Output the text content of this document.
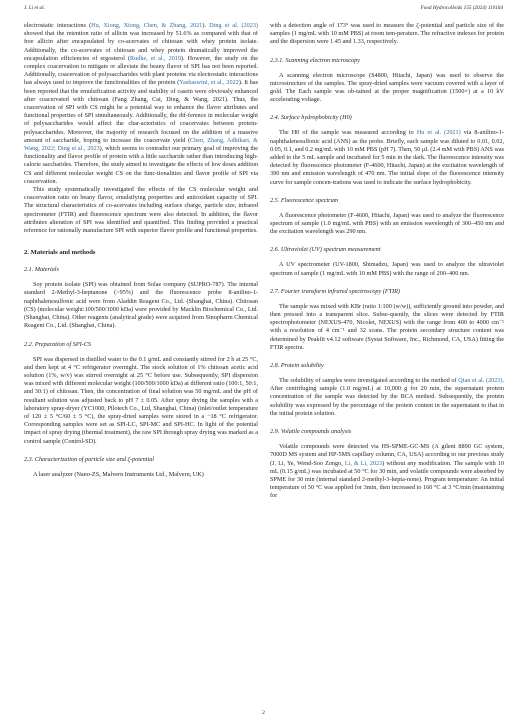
J. Li et al.	Food Hydrocolloids 155 (2024) 110164

electrostatic interactions (Hu, Xiong, Xiong, Chen, & Zhang, 2021). Ding et al. (2023) showed that the retention ratio of allicin was increased by 51.6% as compared with that of free allicin after encapsulated by co-acervates of chitosan with whey protein isolate. Additionally, the co-acervates of chitosan and whey protein dramatically improved the encapsulation efficiencies of ergosterol (Rudke, et al., 2019). However, the study on the complex coacervation to mitigate or alleviate the beany flavor of SPI has not been reported. Additionally, coacervation of polysaccharides with plant proteins via electrostatic interactions has always used to improve the functionalities of the protein (Yashaswini, et al., 2022). It has been reported that the emulsification activity and stability of casein were obviously enhanced after coacervated with chitosan (Fang Zhang, Cai, Ding, & Wang, 2021). Thus, the coacervation of SPI with CS might be a potential way to enhance the flavor attributes and functional properties of SPI simultaneously. Additionally, the dif-ference in molecular weight of polysaccharides would affect the char-acteristics of coacervates between protein-polysaccharides. Moreover, the majority of research focused on the addition of a massive amount of saccharide, hoping to increase the coacervate yield (Chen, Zhang, Adhikari, & Wang, 2022; Ding et al., 2023), which seems to contradict our primary goal of improving the functionality and flavor profile of protein with a little saccharide rather than introducing high-calorie saccharides. Therefore, the study aimed to investigate the effects of low doses addition CS and different molecular weight CS on the func-tionalities and flavor profile of SPI via coacervation.

This study systematically investigated the effects of the CS molecular weight and coacervation ratio on beany flavor, emulsifying properties and antioxidant capacity of SPI. The structural characteristics of co-acervates including surface charge, particle size, infrared spectrometer (FTIR) and fluorescence spectrum were also detected. In addition, the flavor attributes alteration of SPI was identified and quantified. This finding provided a practical reference for rationally manufacture SPI with superior flavor profile and functional properties.

2. Materials and methods
2.1. Materials

Soy protein isolate (SPI) was obtained from Solae company (SUPRO-787). The internal standard 2-Methyl-3-heptanone (>95%) and the fluorescence probe 8-anilino-1-naphthalenesulfonic acid were from Aladdin Reagent Co., Ltd. (Shanghai, China). Chitosan (CS) (molecular weight:100/500/1000 kDa) were provided by Macklin Biochemical Co., Ltd. (Shanghai, China). Other reagents (analytical grade) were acquired from Sinopharm Chemical Reagent Co., Ltd. (Shanghai, China).

2.2. Preparation of SPI-CS

SPI was dispersed in distilled water to the 0.1 g/mL and constantly stirred for 2 h at 25 °C, and then kept at 4 °C refrigerator overnight. The stock solution of 1% chitosan acetic acid solution (1%, w/v) was stirred overnight at 25 °C before use. Subsequently, SPI dispersion was mixed with different molecular weight (100/500/1000 kDa) at different ratio (100:1, 50:1, and 30:1) of chitosan. Then, the concentration of final solution was 50 mg/mL and the pH of resultant solution was adjusted back to pH 7 ± 0.05. After spray drying the samples with a laboratory spray-dryer (YC1000, Pilotech Co., Ltd, Shanghai, China) (inlet/outlet temperature of 120 ± 5 °C/60 ± 5 °C), the spray-dried samples were stored in a −18 °C refrigerator. Corresponding samples were set as SPI-LC, SPI-MC and SPI-HC. In light of the potential impact of spray drying (thermal treatment), the raw SPI through spray drying was marked as a control sample (Control-SD).

2.3. Characterization of particle size and ζ-potential

A laser analyzer (Nano-ZS, Malvern Instruments Ltd., Malvern, UK)

with a detection angle of 173° was used to measure the ζ-potential and particle size of the samples (1 mg/mL with 10 mM PBS) at room tem-perature. The refractive indexes for protein and the dispersion were 1.45 and 1.33, respectively.

2.3.1. Scanning electron microscopy

A scanning electron microscope (S4800, Hitachi, Japan) was used to observe the microstructure of the samples. The spray-dried samples were vacuum covered with a layer of gold. The Each sample was ob-tained at the proper magnification (1500×) at a 10 kV accelerating voltage.

2.4. Surface hydrophobicity (H0)

The H0 of the sample was measured according to Hu et al. (2021) via 8-anilino-1-naphthalenesulfonic acid (ANS) as the probe. Briefly, each sample was diluted to 0.01, 0.02, 0.05, 0.1, and 0.2 mg/mL with 10 mM PBS (pH 7). Then, 50 μL (2.4 mM with PBS) ANS was added to the 5 mL sample and incubated for 5 min in the dark. The fluorescence intensity was detected by fluorescence photometer (F-4600, Hitachi, Japan) at the excitation wavelength of 390 nm and emission wavelength of 470 nm. The initial slope of the fluorescence intensity curve for sample concen-trations was used to indicate the surface hydrophobicity.

2.5. Fluorescence spectrum

A fluorescence photometer (F-4600, Hitachi, Japan) was used to analyze the fluorescence spectrum of sample (1.0 mg/mL with PBS) with an emission wavelength of 300–450 nm and the excitation wavelength was 290 nm.

2.6. Ultraviolet (UV) spectrum measurement

A UV spectrometer (UV-1800, Shimadzu, Japan) was used to analyze the ultraviolet spectrum of sample (1 mg/mL with 10 mM PBS) with the range of 200–400 nm.

2.7. Fourier transform infrared spectroscopy (FTIR)

The sample was mixed with KBr (ratio 1:100 (w/w)), sufficiently ground into powder, and then pressed into a transparent slice. Subse-quently, the slices were detected by FTIR spectrophotometer (NEXUS-470, Nicolet, NEXUS) with the range from 400 to 4000 cm⁻¹ with a resolution of 4 cm⁻¹ and 32 scans. The protein secondary structure content was determined by Peakfit v4.12 software (Systat Software, Inc., Richmond, CA, USA) fitting the FTIR spectra.

2.8. Protein solubility

The solubility of samples were investigated according to the method of Qian et al. (2023). After centrifuging sample (1.0 mg/mL) at 10,000 g for 20 min, the supernatant protein concentration of the sample was detected by the BCA method. Subsequently, the protein solubility was expressed by the percentage of the protein content in the supernatant to that in the initial protein solution.

2.9. Volatile compounds analysis

Volatile compounds were detected via HS-SPME-GC-MS (A gilent 8890 GC system, 7000D MS system and HP-5MS capillary column, CA, USA) according to our previous study (J. Li, Ye, Wend-Soo Zongo, Li, & Li, 2023) without any modification. The sample with 10 mL (0.15 g/mL) was incubated at 50 °C for 30 min, and volatile compounds were absorbed by SPME for 30 min (internal standard 2-methyl-3-hepta-none). Program temperature: An initial temperature of 50 °C was applied for 3min, then increased to 160 °C at 3 °C/min (maintaining for

2
